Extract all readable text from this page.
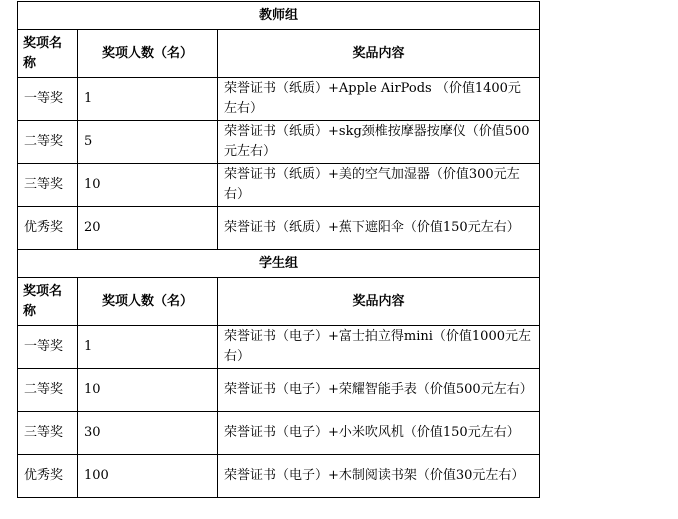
教师组		
奖项名称	奖项人数（名）	奖品内容
一等奖	1	荣誉证书（纸质）+Apple AirPods （价值1400元左右）
二等奖	5	荣誉证书（纸质）+skg颈椎按摩器按摩仪（价值500元左右）
三等奖	10	荣誉证书（纸质）+美的空气加湿器（价值300元左右）
优秀奖	20	荣誉证书（纸质）+蕉下遮阳伞（价值150元左右）
学生组		
奖项名称	奖项人数（名）	奖品内容
一等奖	1	荣誉证书（电子）+富士拍立得mini（价值1000元左右）
二等奖	10	荣誉证书（电子）+荣耀智能手表（价值500元左右）
三等奖	30	荣誉证书（电子）+小米吹风机（价值150元左右）
优秀奖	100	荣誉证书（电子）+木制阅读书架（价值30元左右）
